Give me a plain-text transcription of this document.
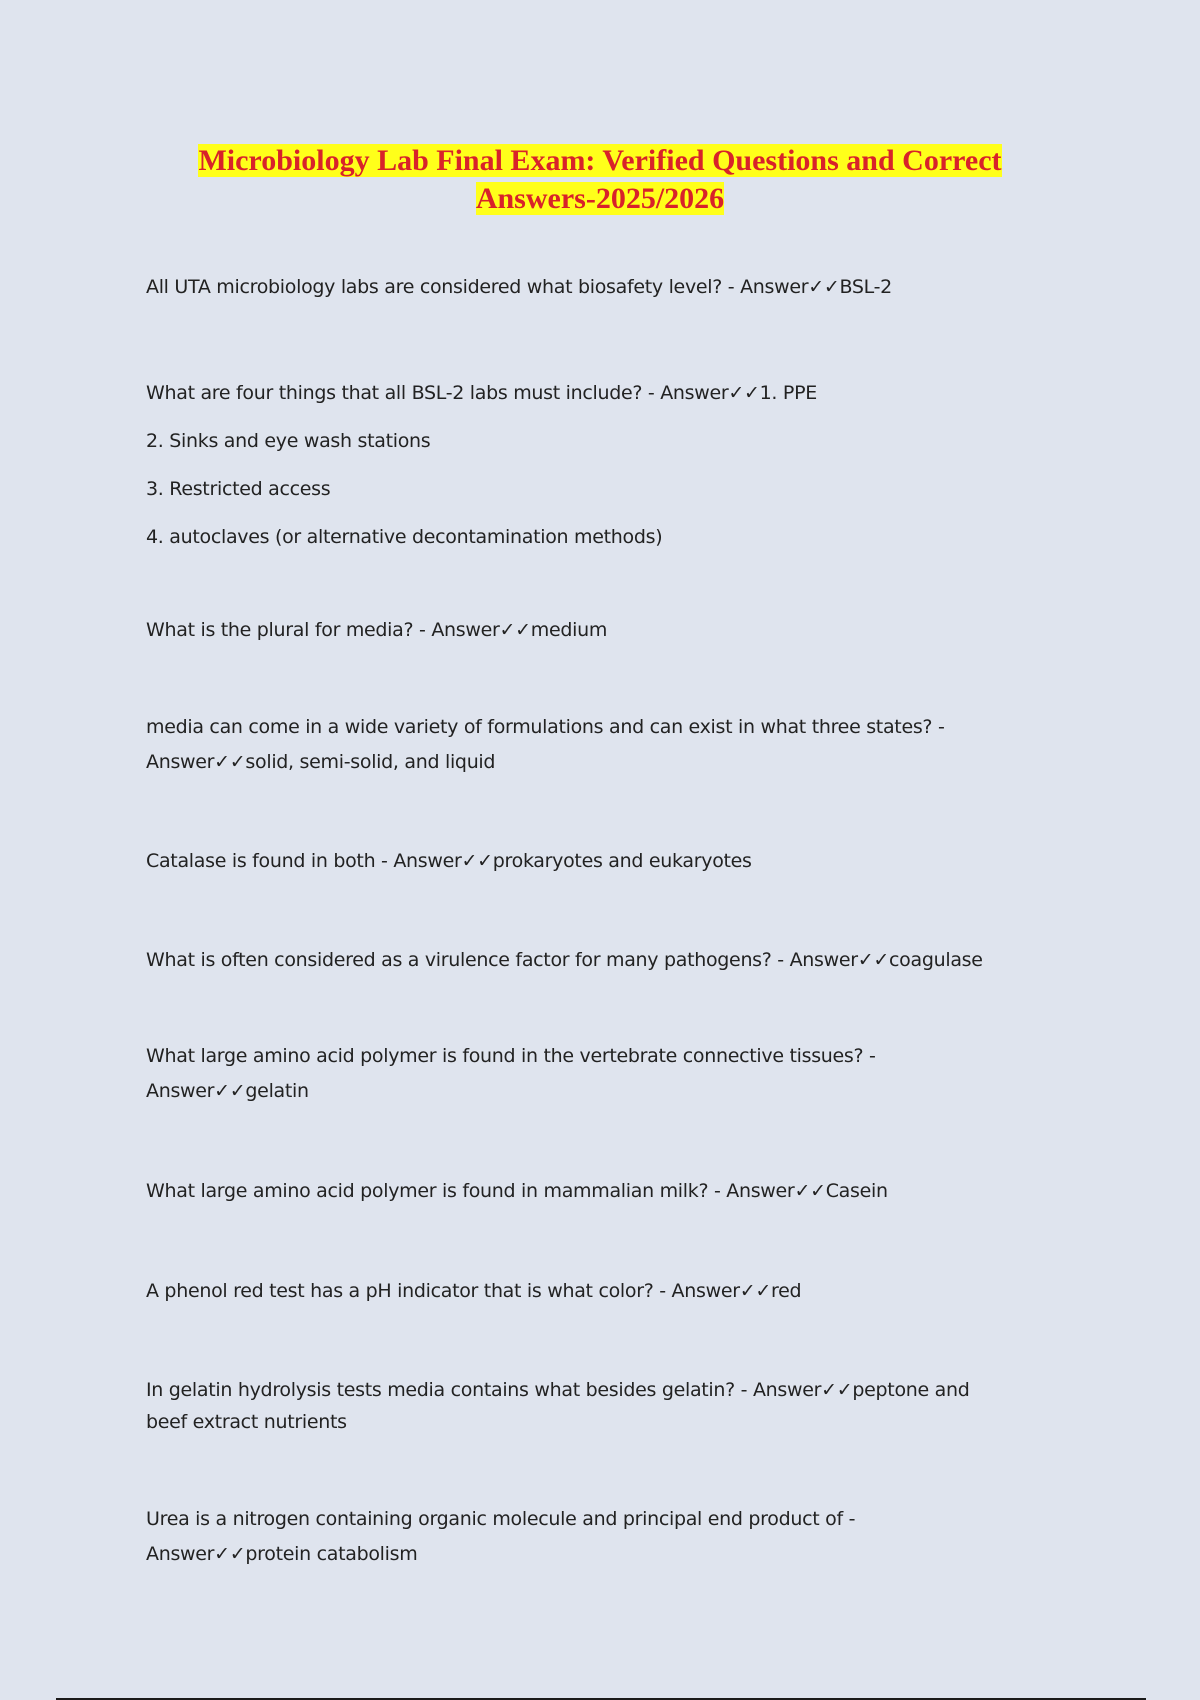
Microbiology Lab Final Exam: Verified Questions and Correct
Answers-2025/2026
All UTA microbiology labs are considered what biosafety level? - Answer✓✓BSL-2
What are four things that all BSL-2 labs must include? - Answer✓✓1. PPE
2. Sinks and eye wash stations
3. Restricted access
4. autoclaves (or alternative decontamination methods)
What is the plural for media? - Answer✓✓medium
media can come in a wide variety of formulations and can exist in what three states? -
Answer✓✓solid, semi-solid, and liquid
Catalase is found in both - Answer✓✓prokaryotes and eukaryotes
What is often considered as a virulence factor for many pathogens? - Answer✓✓coagulase
What large amino acid polymer is found in the vertebrate connective tissues? -
Answer✓✓gelatin
What large amino acid polymer is found in mammalian milk? - Answer✓✓Casein
A phenol red test has a pH indicator that is what color? - Answer✓✓red
In gelatin hydrolysis tests media contains what besides gelatin? - Answer✓✓peptone and
beef extract nutrients
Urea is a nitrogen containing organic molecule and principal end product of -
Answer✓✓protein catabolism
